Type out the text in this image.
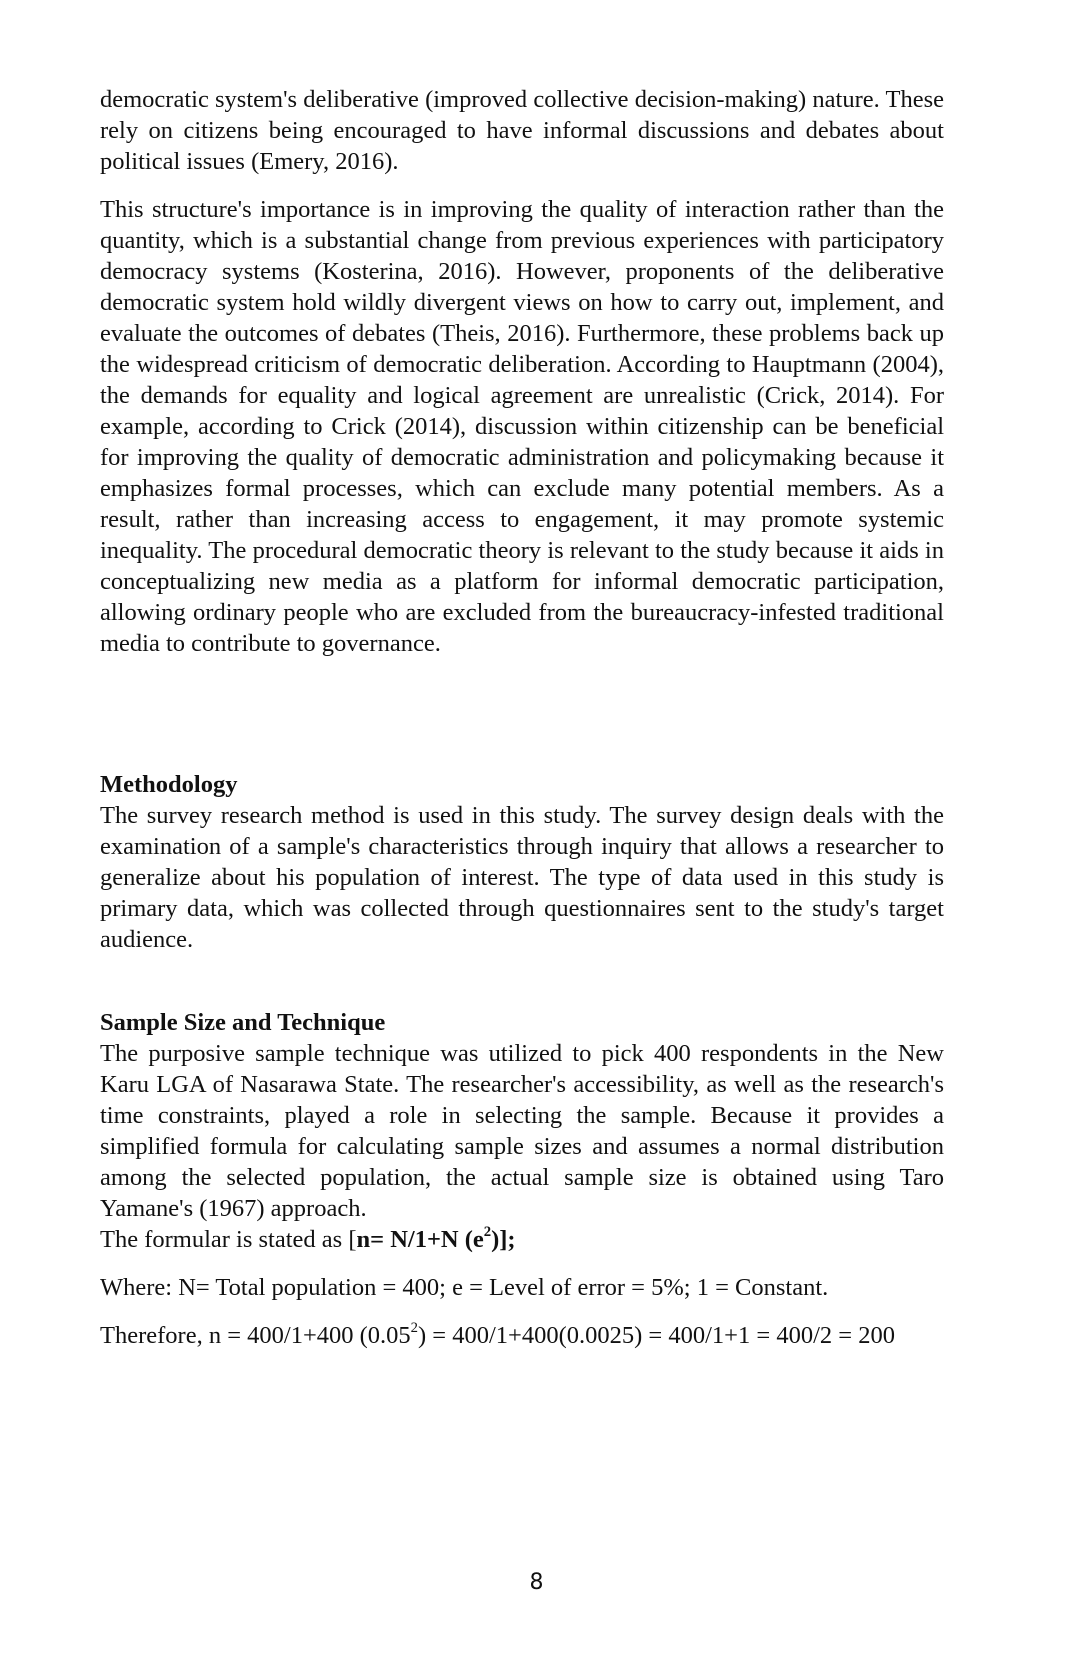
democratic system's deliberative (improved collective decision-making) nature. These rely on citizens being encouraged to have informal discussions and debates about political issues (Emery, 2016).

This structure's importance is in improving the quality of interaction rather than the quantity, which is a substantial change from previous experiences with participatory democracy systems (Kosterina, 2016). However, proponents of the deliberative democratic system hold wildly divergent views on how to carry out, implement, and evaluate the outcomes of debates (Theis, 2016). Furthermore, these problems back up the widespread criticism of democratic deliberation. According to Hauptmann (2004), the demands for equality and logical agreement are unrealistic (Crick, 2014). For example, according to Crick (2014), discussion within citizenship can be beneficial for improving the quality of democratic administration and policymaking because it emphasizes formal processes, which can exclude many potential members. As a result, rather than increasing access to engagement, it may promote systemic inequality. The procedural democratic theory is relevant to the study because it aids in conceptualizing new media as a platform for informal democratic participation, allowing ordinary people who are excluded from the bureaucracy-infested traditional media to contribute to governance.

Methodology

The survey research method is used in this study. The survey design deals with the examination of a sample's characteristics through inquiry that allows a researcher to generalize about his population of interest. The type of data used in this study is primary data, which was collected through questionnaires sent to the study's target audience.

Sample Size and Technique

The purposive sample technique was utilized to pick 400 respondents in the New Karu LGA of Nasarawa State. The researcher's accessibility, as well as the research's time constraints, played a role in selecting the sample. Because it provides a simplified formula for calculating sample sizes and assumes a normal distribution among the selected population, the actual sample size is obtained using Taro Yamane's (1967) approach.

The formular is stated as [n= N/1+N $(e^2)$];

Where: N= Total population = 400; e = Level of error = 5%; 1 = Constant.

Therefore, n = 400/1+400 $(0.05^2) = 400/1+400(0.0025) = 400/1+1 = 400/2 = 200$

8
